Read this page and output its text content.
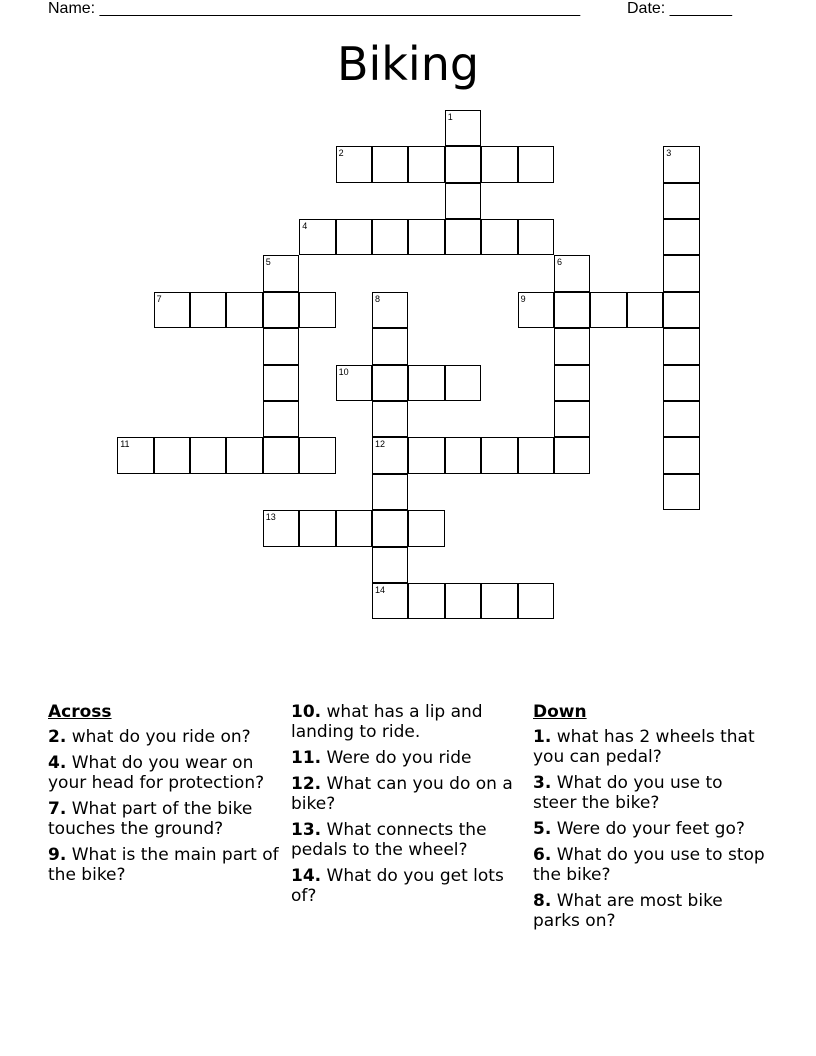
Name: ______________________________________________________	Date: _______
Biking
1
2	3
4
5	6
7	8	9
10
11	12
13
14
Across
2. what do you ride on?
4. What do you wear on your head for protection?
7. What part of the bike touches the ground?
9. What is the main part of the bike?
10. what has a lip and landing to ride.
11. Were do you ride
12. What can you do on a bike?
13. What connects the pedals to the wheel?
14. What do you get lots of?
Down
1. what has 2 wheels that you can pedal?
3. What do you use to steer the bike?
5. Were do your feet go?
6. What do you use to stop the bike?
8. What are most bike parks on?
